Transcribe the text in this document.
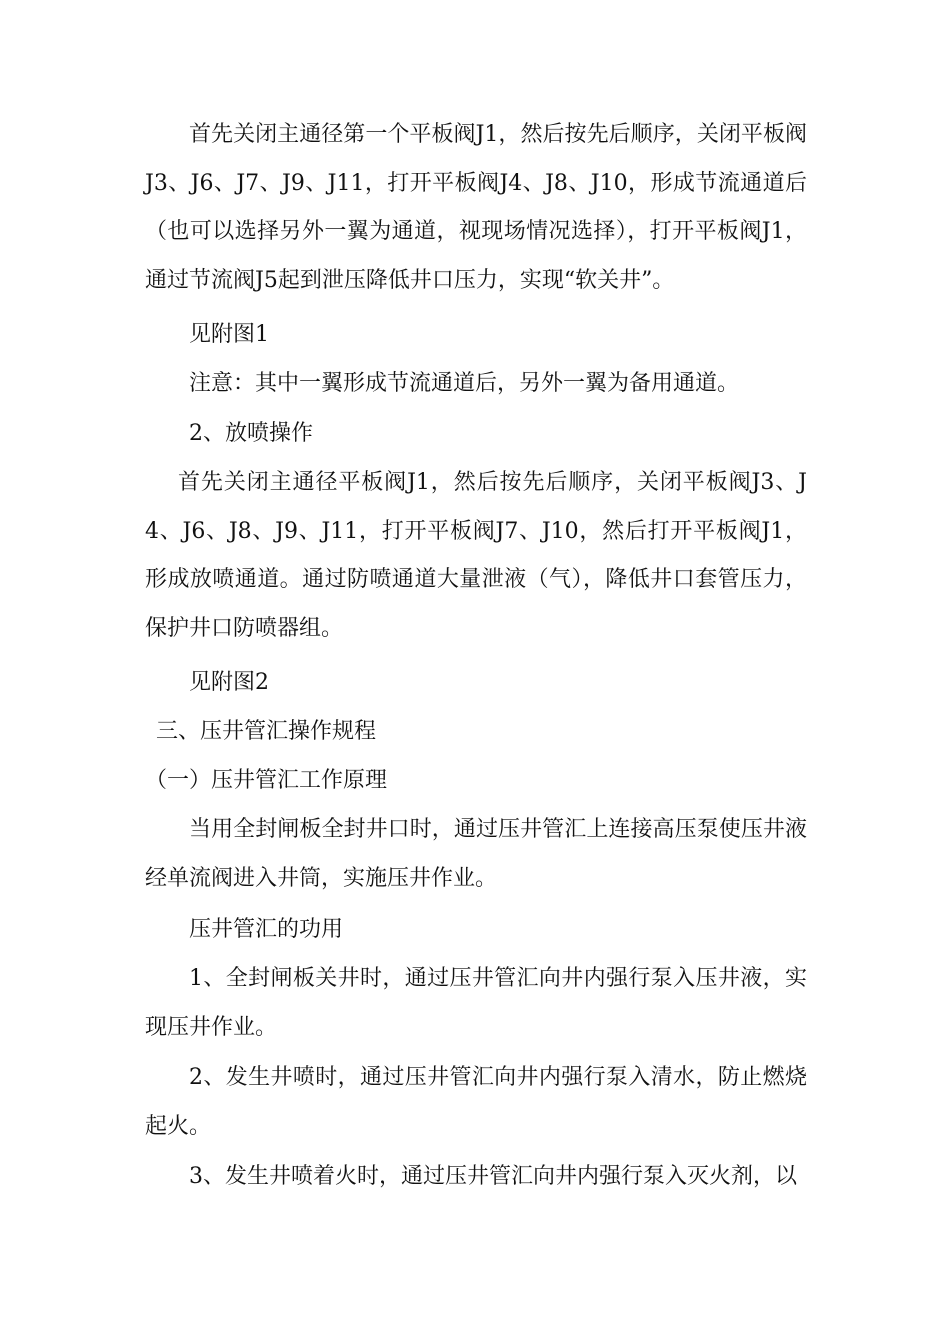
首先关闭主通径第一个平板阀J1，然后按先后顺序，关闭平板阀J3、J6、J7、J9、J11，打开平板阀J4、J8、J10，形成节流通道后（也可以选择另外一翼为通道，视现场情况选择），打开平板阀J1，通过节流阀J5起到泄压降低井口压力，实现“软关井”。

见附图1

注意：其中一翼形成节流通道后，另外一翼为备用通道。

2、放喷操作

首先关闭主通径平板阀J1，然后按先后顺序，关闭平板阀J3、J4、J6、J8、J9、J11，打开平板阀J7、J10，然后打开平板阀J1，形成放喷通道。通过防喷通道大量泄液（气），降低井口套管压力，保护井口防喷器组。

见附图2

三、压井管汇操作规程

（一）压井管汇工作原理

当用全封闸板全封井口时，通过压井管汇上连接高压泵使压井液经单流阀进入井筒，实施压井作业。

压井管汇的功用

1、全封闸板关井时，通过压井管汇向井内强行泵入压井液，实现压井作业。

2、发生井喷时，通过压井管汇向井内强行泵入清水，防止燃烧起火。

3、发生井喷着火时，通过压井管汇向井内强行泵入灭火剂，以
